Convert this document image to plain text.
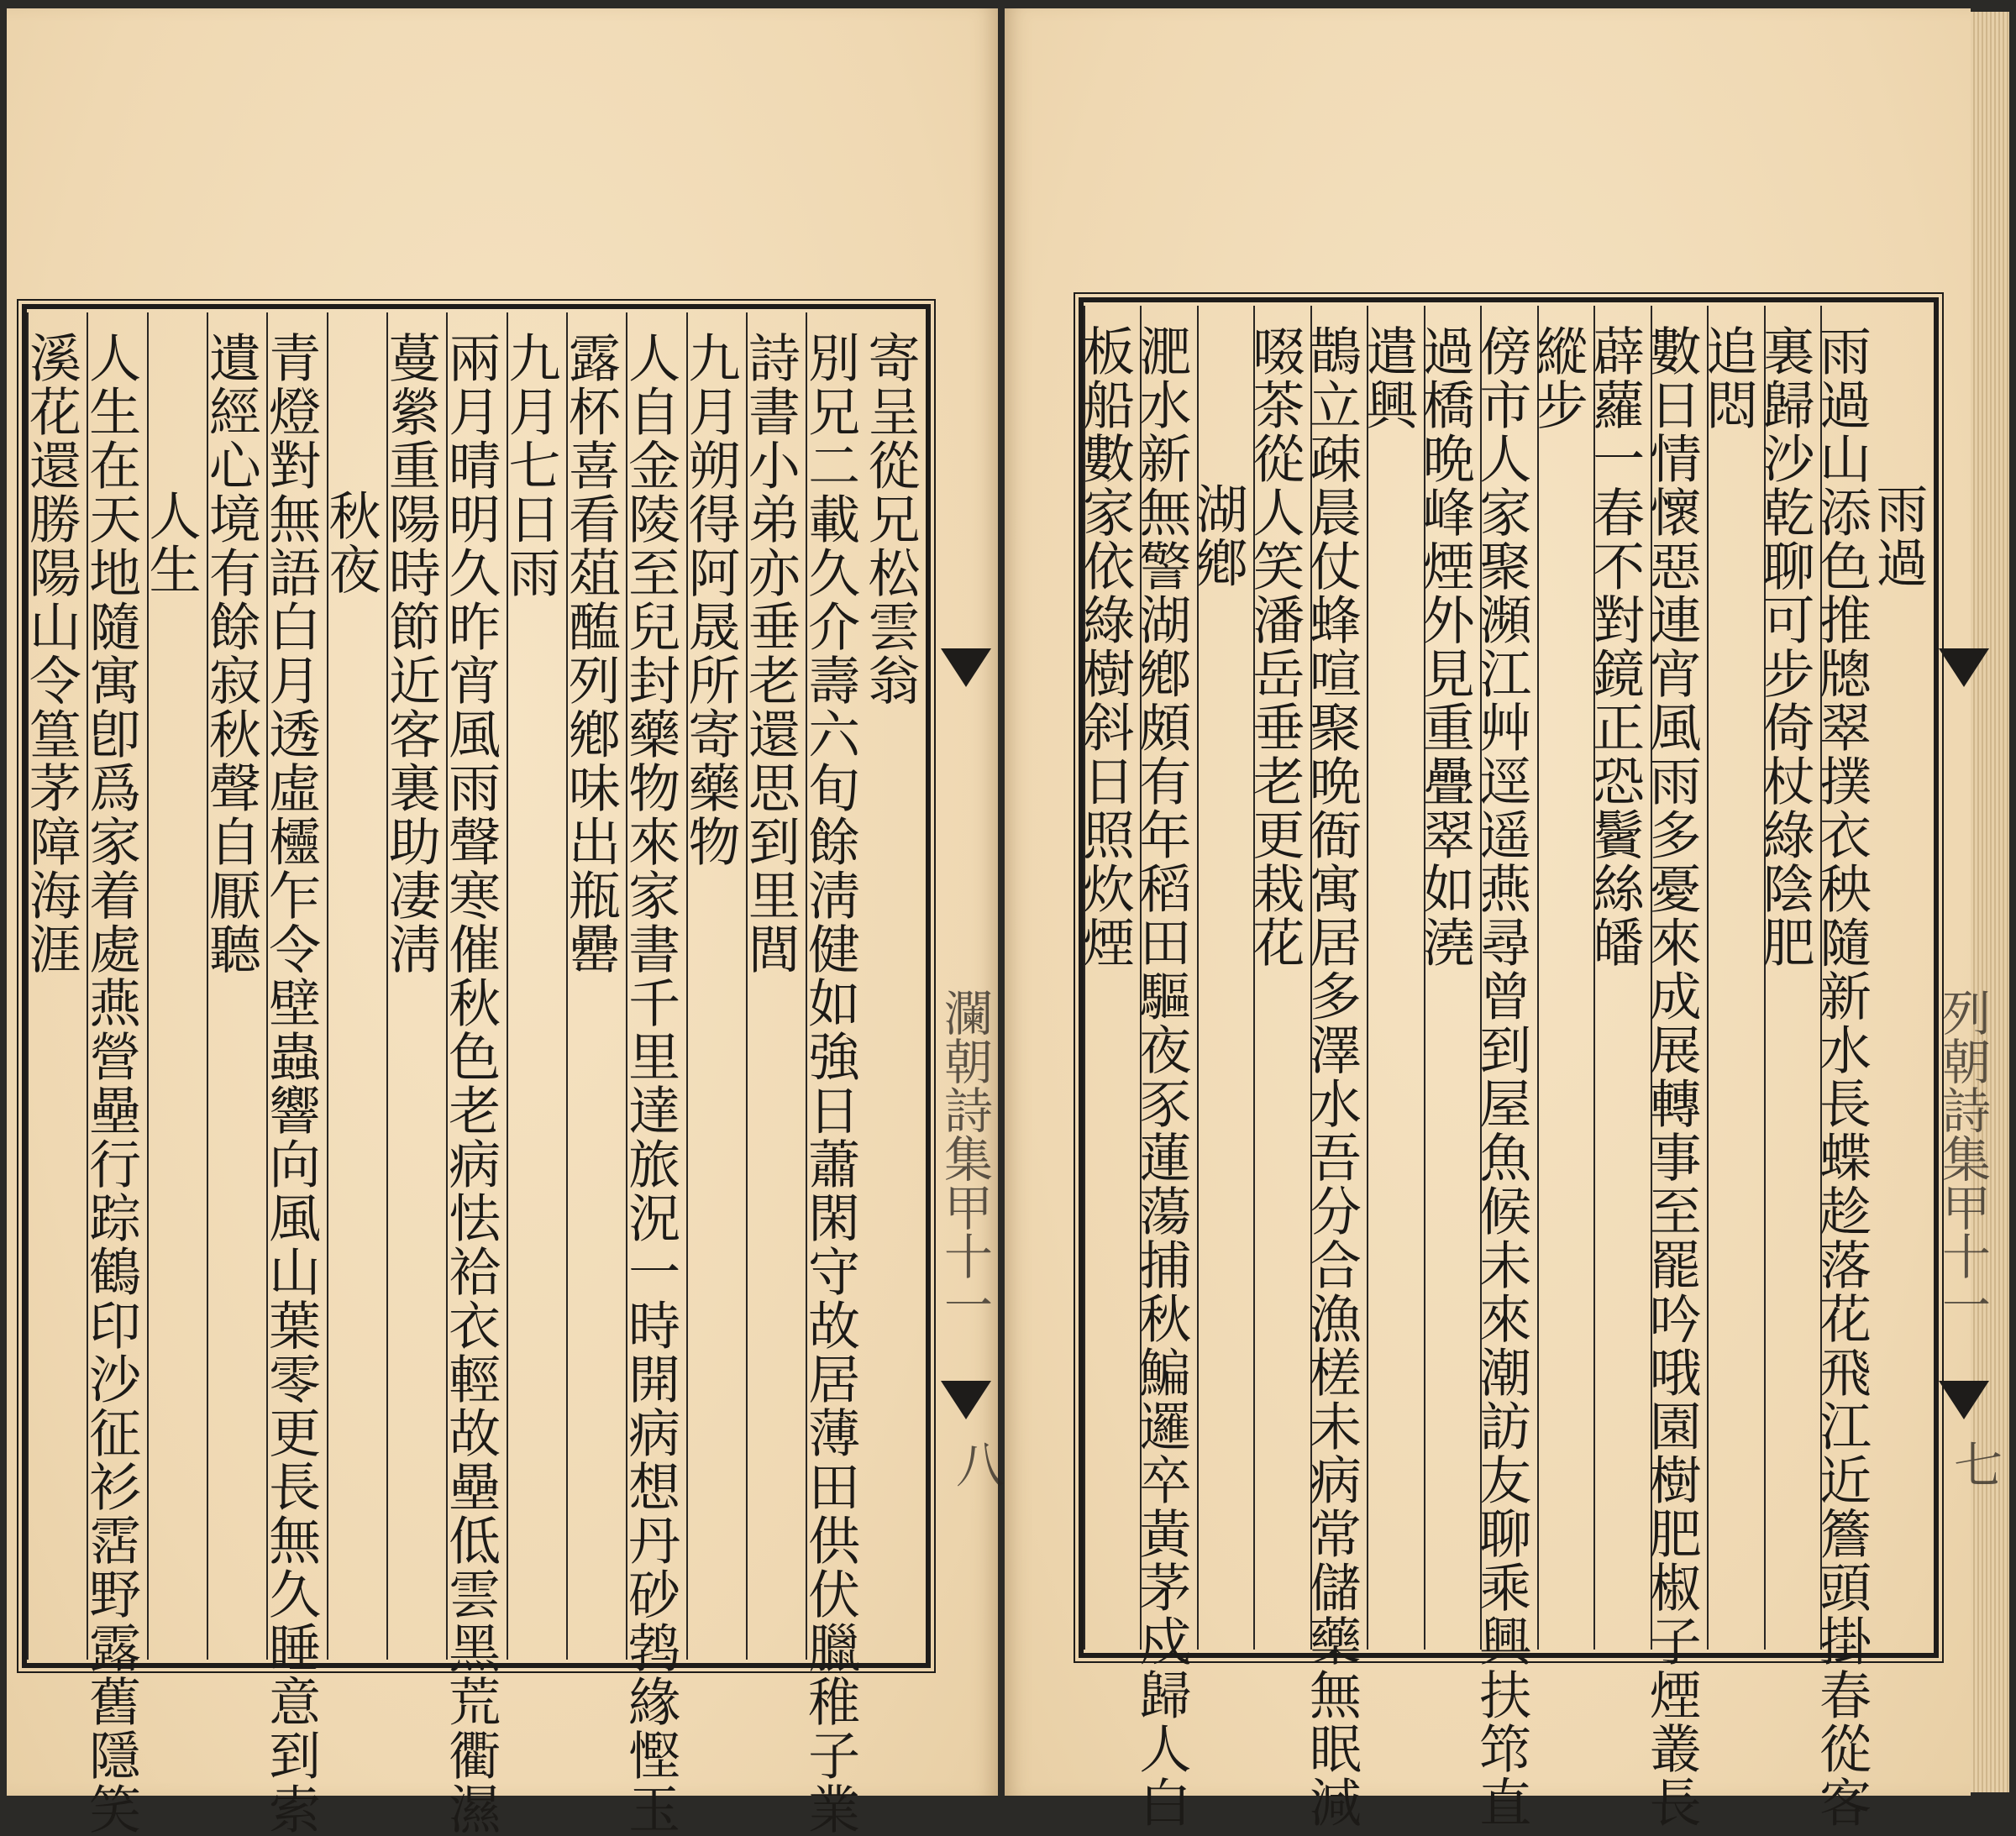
寄呈從兄松雲翁
別兄二載久介壽六旬餘淸健如強日蕭閑守故居薄田供伏臘稚子業
詩書小弟亦垂老還思到里閭
九月朔得阿晟所寄藥物
人自金陵至兒封藥物來家書千里達旅況一時開病想丹砂鹁緣慳玉
露杯喜看葅醢列鄕味出瓶罍
九月七日雨
兩月晴明久昨宵風雨聲寒催秋色老病怯袷衣輕故壘低雲黑荒衢濕
蔓縈重陽時節近客裏助凄淸
秋夜
青燈對無語白月透虛欞乍令壁蟲響向風山葉零更長無久睡意到索
遺經心境有餘寂秋聲自厭聽
人生
人生在天地隨寓卽爲家着處燕營壘行踪鶴印沙征衫霑野露舊隱笑
溪花還勝陽山令篁茅障海涯
瀾朝詩集甲十一
八
雨過
雨過山添色推牕翠撲衣秧隨新水長蝶趁落花飛江近簷頭掛春從客
裏歸沙乾聊可步倚杖綠陰肥
追悶
數日情懷惡連宵風雨多憂來成展轉事至罷吟哦園樹肥椒子煙叢長
薜蘿一春不對鏡正恐鬢絲皤
縱步
傍市人家聚瀕江艸逕遥燕尋曾到屋魚候未來潮訪友聊乘興扶筇直
過橋晩峰煙外見重疊翠如澆
遣興
鵲立疎晨仗蜂喧聚晩衙寓居多澤水吾分合漁槎未病常儲藥無眠減
啜茶從人笑潘岳垂老更栽花
湖鄕
淝水新無警湖鄕頗有年稻田驅夜豕蓮蕩捕秋鯿邏卒黃茅戍歸人白
板船數家依綠樹斜日照炊煙
列朝詩集甲十一
七
